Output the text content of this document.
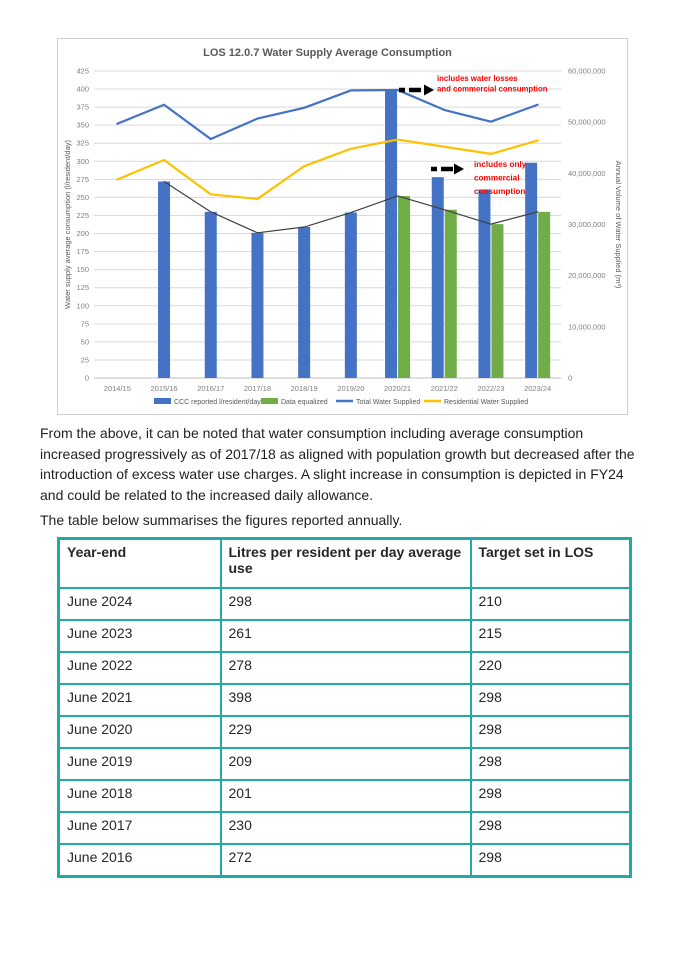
0
25
50
75
100
125
150
175
200
225
250
275
300
325
350
375
400
425
0
10,000,000
20,000,000
30,000,000
40,000,000
50,000,000
60,000,000
Water supply average consumption (l/resident/day)	Annual Volume of Water Supplied (m³)
2014/15	2015/16	2016/17	2017/18	2018/19	2019/20	2020/21	2021/22	2022/23	2023/24
includes water losses and commercial consumption
includes only commercial consumption
LOS 12.0.7 Water Supply Average Consumption
CCC reported l/resident/day	Data equalized	Total Water Supplied	Residential Water Supplied
From the above, it can be noted that water consumption including average consumption increased progressively as of 2017/18 as aligned with population growth but decreased after the introduction of excess water use charges. A slight increase in consumption is depicted in FY24 and could be related to the increased daily allowance.
The table below summarises the figures reported annually.
Year-end	Litres per resident per day average use	Target set in LOS
June 2024	298	210
June 2023	261	215
June 2022	278	220
June 2021	398	298
June 2020	229	298
June 2019	209	298
June 2018	201	298
June 2017	230	298
June 2016	272	298
